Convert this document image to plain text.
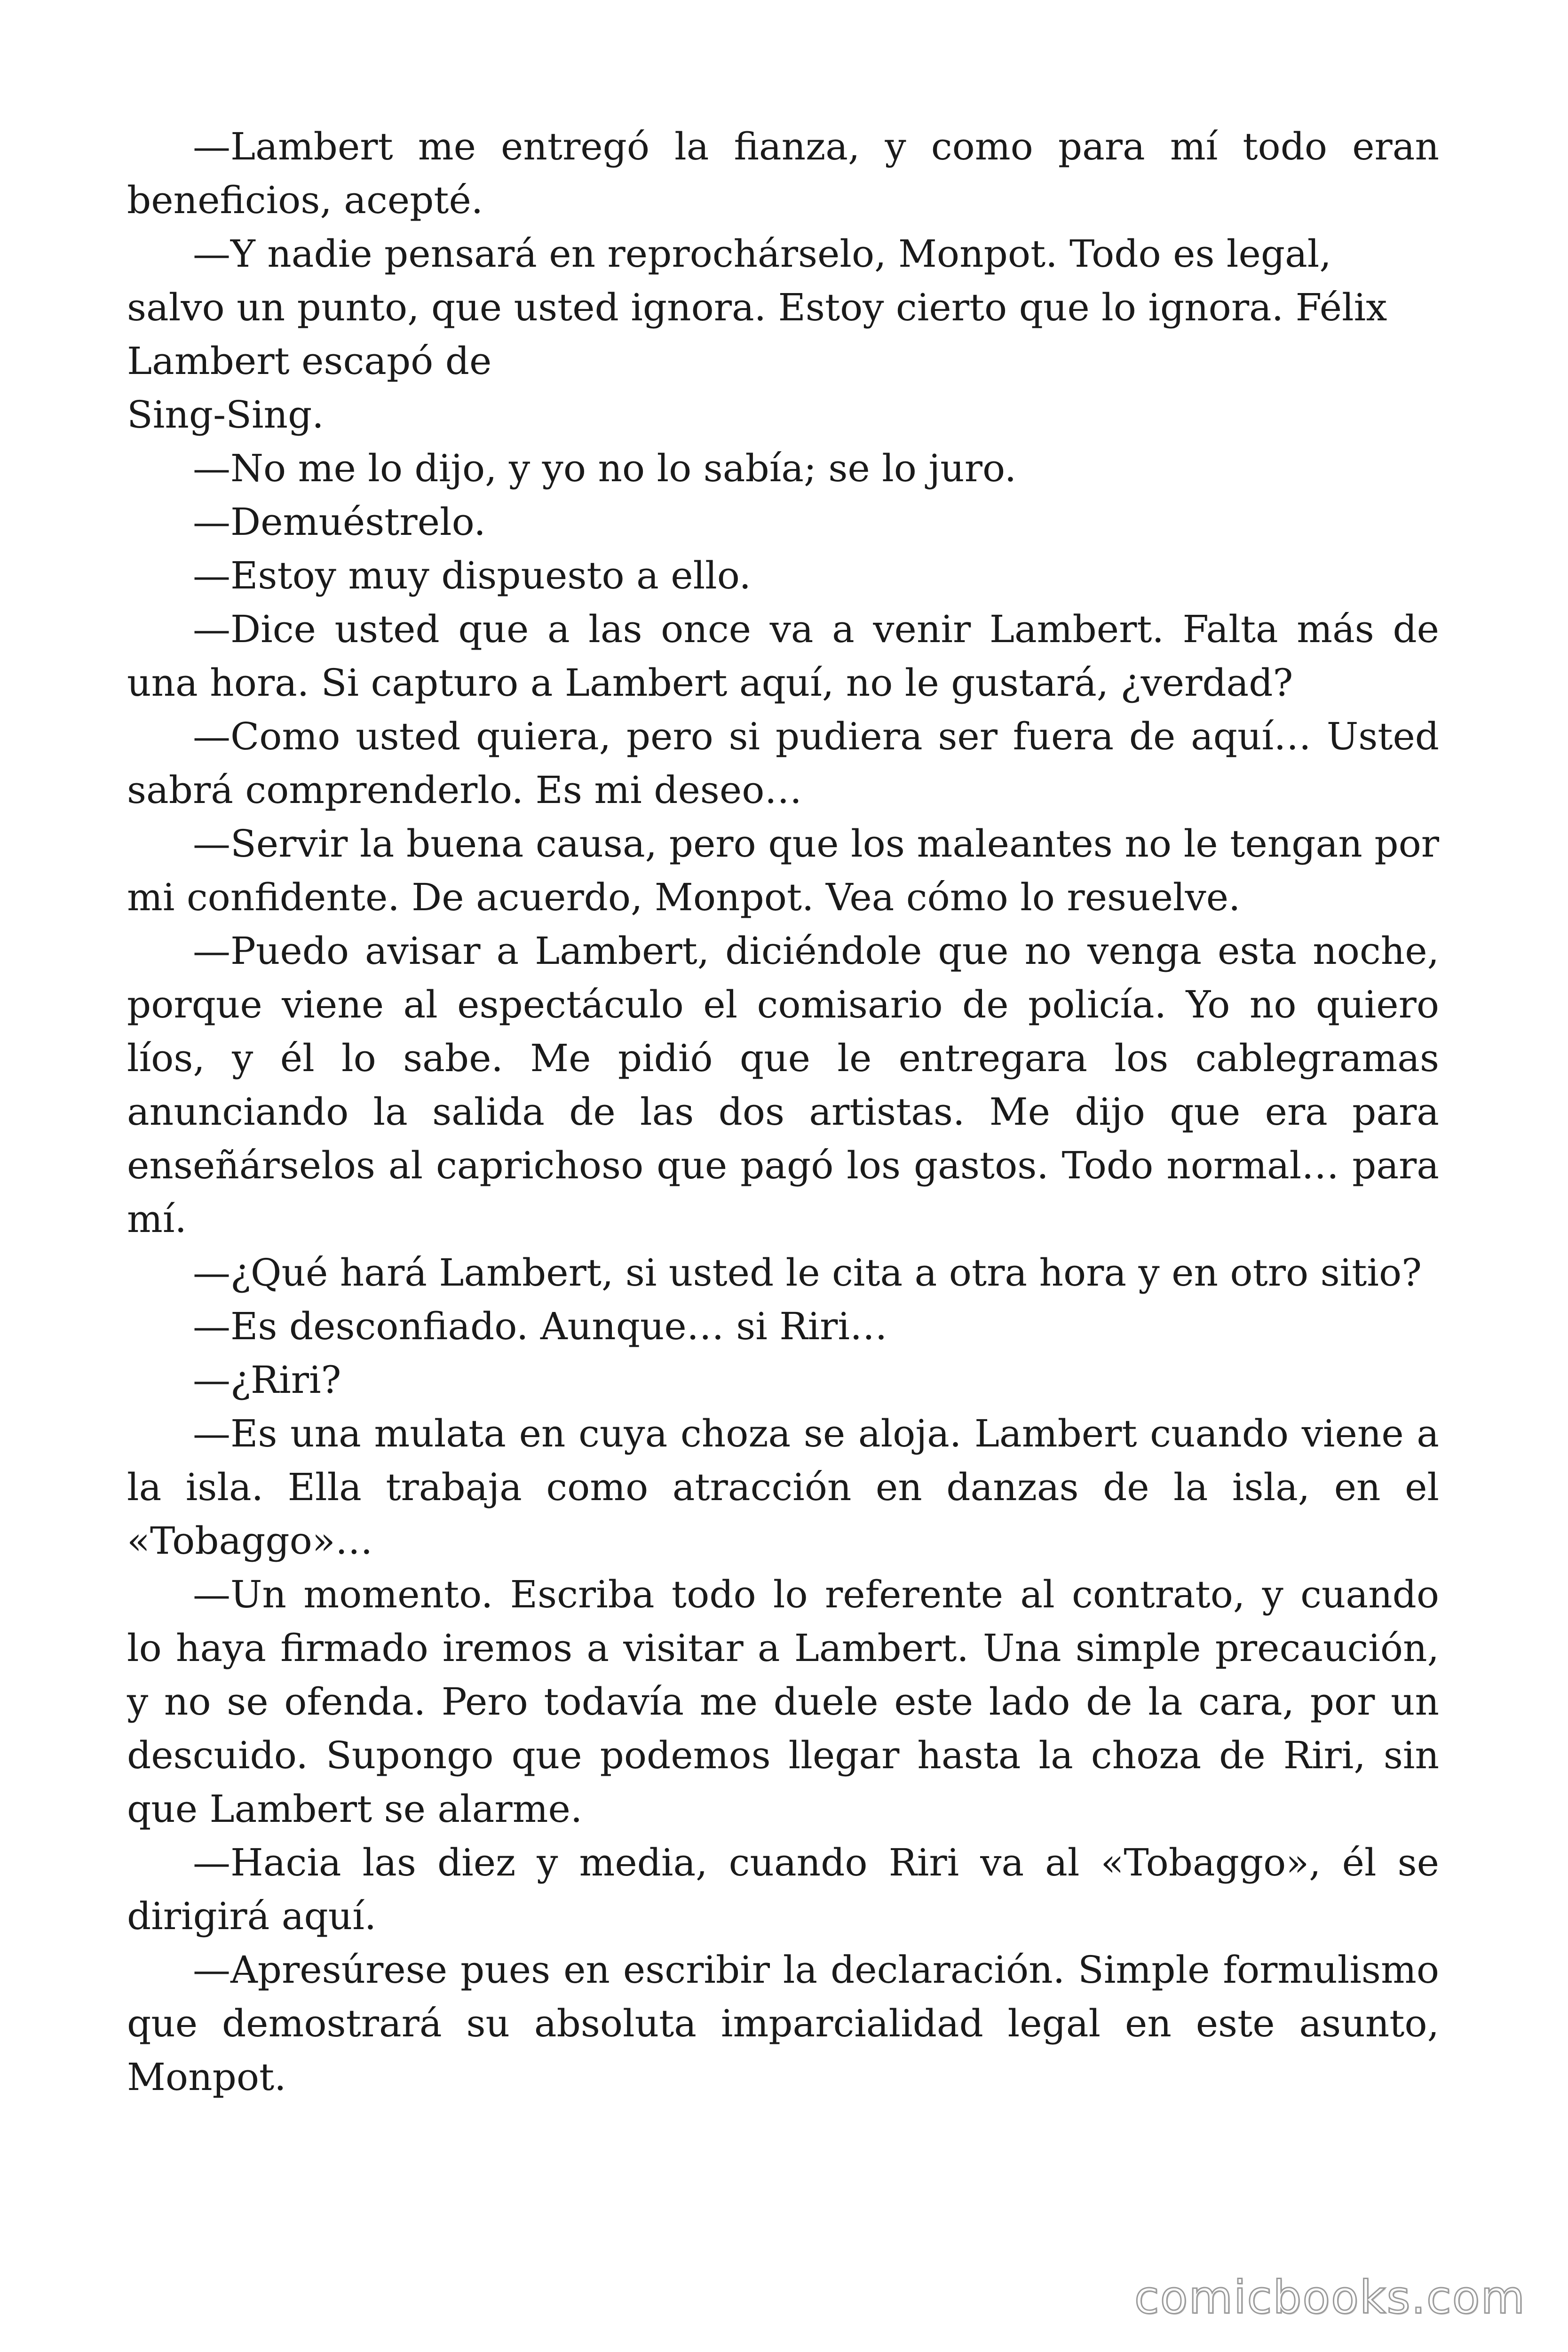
—Lambert me entregó la fianza, y como para mí todo eran beneficios, acepté.

—Y nadie pensará en reprochárselo, Monpot. Todo es legal, salvo un punto, que usted ignora. Estoy cierto que lo ignora. Félix Lambert escapó de

Sing-Sing.

—No me lo dijo, y yo no lo sabía; se lo juro.

—Demuéstrelo.

—Estoy muy dispuesto a ello.

—Dice usted que a las once va a venir Lambert. Falta más de una hora. Si capturo a Lambert aquí, no le gustará, ¿verdad?

—Como usted quiera, pero si pudiera ser fuera de aquí… Usted sabrá comprenderlo. Es mi deseo…

—Servir la buena causa, pero que los maleantes no le tengan por mi confidente. De acuerdo, Monpot. Vea cómo lo resuelve.

—Puedo avisar a Lambert, diciéndole que no venga esta noche, porque viene al espectáculo el comisario de policía. Yo no quiero líos, y él lo sabe. Me pidió que le entregara los cablegramas anunciando la salida de las dos artistas. Me dijo que era para enseñárselos al caprichoso que pagó los gastos. Todo normal… para mí.

—¿Qué hará Lambert, si usted le cita a otra hora y en otro sitio?

—Es desconfiado. Aunque… si Riri…

—¿Riri?

—Es una mulata en cuya choza se aloja. Lambert cuando viene a la isla. Ella trabaja como atracción en danzas de la isla, en el «Tobaggo»…

—Un momento. Escriba todo lo referente al contrato, y cuando lo haya firmado iremos a visitar a Lambert. Una simple precaución, y no se ofenda. Pero todavía me duele este lado de la cara, por un descuido. Supongo que podemos llegar hasta la choza de Riri, sin que Lambert se alarme.

—Hacia las diez y media, cuando Riri va al «Tobaggo», él se dirigirá aquí.

—Apresúrese pues en escribir la declaración. Simple formulismo que demostrará su absoluta imparcialidad legal en este asunto, Monpot.

comicbooks.com
